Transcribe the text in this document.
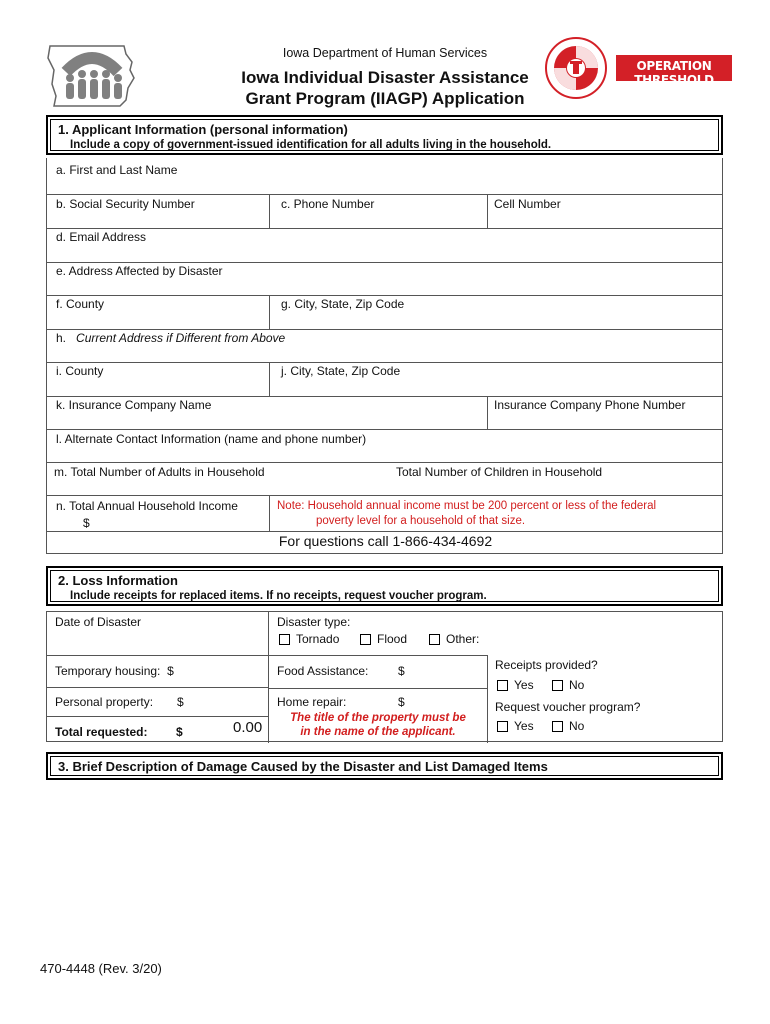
Iowa Department of Human Services
Iowa Individual Disaster Assistance
Grant Program (IIAGP) Application
OPERATION THRESHOLD
1. Applicant Information (personal information)
Include a copy of government-issued identification for all adults living in the household.
a. First and Last Name
b. Social Security Number	c. Phone Number	Cell Number
d. Email Address
e. Address Affected by Disaster
f. County	g. City, State, Zip Code
h. Current Address if Different from Above
i. County	j. City, State, Zip Code
k. Insurance Company Name	Insurance Company Phone Number
l. Alternate Contact Information (name and phone number)
m. Total Number of Adults in Household	Total Number of Children in Household
n. Total Annual Household Income
$
Note: Household annual income must be 200 percent or less of the federal
poverty level for a household of that size.
For questions call 1-866-434-4692
2. Loss Information
Include receipts for replaced items. If no receipts, request voucher program.
Date of Disaster	Disaster type:
Tornado	Flood	Other:
Temporary housing: $	Food Assistance: $	Receipts provided?
Yes	No
Personal property: $	Home repair:	$	Request voucher program?
Yes	No
Total requested: $	0.00
The title of the property must be
in the name of the applicant.
3. Brief Description of Damage Caused by the Disaster and List Damaged Items
470-4448 (Rev. 3/20)
